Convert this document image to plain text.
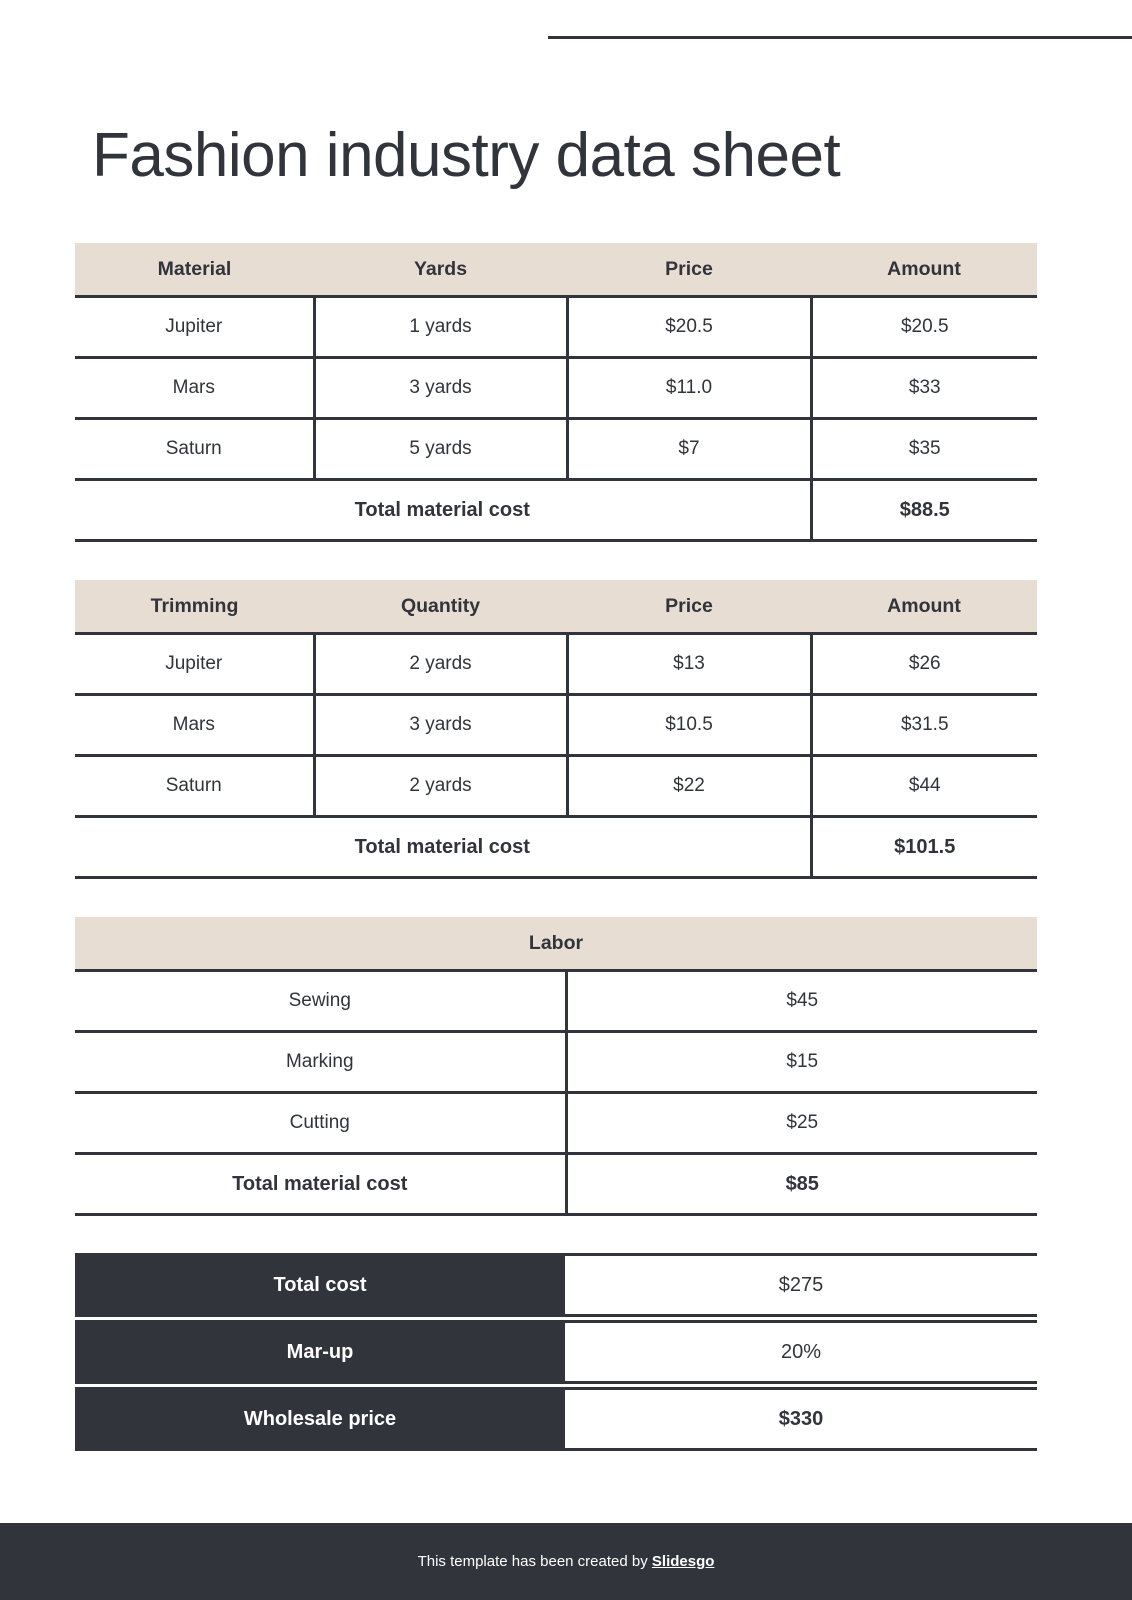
Fashion industry data sheet
Material	Yards	Price	Amount
Jupiter	1 yards	$20.5	$20.5
Mars	3 yards	$11.0	$33
Saturn	5 yards	$7	$35
Total material cost			$88.5
Trimming	Quantity	Price	Amount
Jupiter	2 yards	$13	$26
Mars	3 yards	$10.5	$31.5
Saturn	2 yards	$22	$44
Total material cost			$101.5
Labor	
Sewing	$45
Marking	$15
Cutting	$25
Total material cost	$85
Total cost	$275
Mar-up	20%
Wholesale price	$330
This template has been created by Slidesgo
